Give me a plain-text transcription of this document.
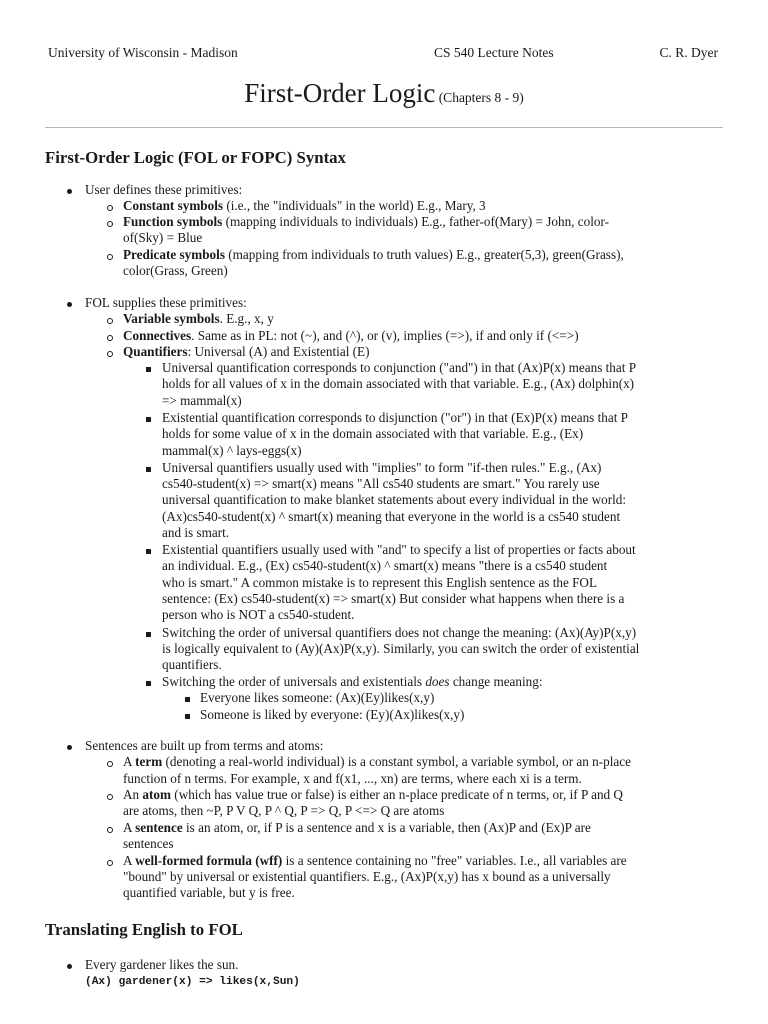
University of Wisconsin - Madison	CS 540 Lecture Notes	C. R. Dyer
First-Order Logic (Chapters 8 - 9)
First-Order Logic (FOL or FOPC) Syntax
Translating English to FOL
User defines these primitives:
Constant symbols (i.e., the "individuals" in the world) E.g., Mary, 3
Function symbols (mapping individuals to individuals) E.g., father-of(Mary) = John, color-
of(Sky) = Blue
Predicate symbols (mapping from individuals to truth values) E.g., greater(5,3), green(Grass),
color(Grass, Green)
FOL supplies these primitives:
Variable symbols. E.g., x, y
Connectives. Same as in PL: not (~), and (^), or (v), implies (=>), if and only if (<=>)
Quantifiers: Universal (A) and Existential (E)
Universal quantification corresponds to conjunction ("and") in that (Ax)P(x) means that P
holds for all values of x in the domain associated with that variable. E.g., (Ax) dolphin(x)
=> mammal(x)
Existential quantification corresponds to disjunction ("or") in that (Ex)P(x) means that P
holds for some value of x in the domain associated with that variable. E.g., (Ex)
mammal(x) ^ lays-eggs(x)
Universal quantifiers usually used with "implies" to form "if-then rules." E.g., (Ax)
cs540-student(x) => smart(x) means "All cs540 students are smart." You rarely use
universal quantification to make blanket statements about every individual in the world:
(Ax)cs540-student(x) ^ smart(x) meaning that everyone in the world is a cs540 student
and is smart.
Existential quantifiers usually used with "and" to specify a list of properties or facts about
an individual. E.g., (Ex) cs540-student(x) ^ smart(x) means "there is a cs540 student
who is smart." A common mistake is to represent this English sentence as the FOL
sentence: (Ex) cs540-student(x) => smart(x) But consider what happens when there is a
person who is NOT a cs540-student.
Switching the order of universal quantifiers does not change the meaning: (Ax)(Ay)P(x,y)
is logically equivalent to (Ay)(Ax)P(x,y). Similarly, you can switch the order of existential
quantifiers.
Switching the order of universals and existentials does change meaning:
Everyone likes someone: (Ax)(Ey)likes(x,y)
Someone is liked by everyone: (Ey)(Ax)likes(x,y)
Sentences are built up from terms and atoms:
A term (denoting a real-world individual) is a constant symbol, a variable symbol, or an n-place
function of n terms. For example, x and f(x1, ..., xn) are terms, where each xi is a term.
An atom (which has value true or false) is either an n-place predicate of n terms, or, if P and Q
are atoms, then ~P, P V Q, P ^ Q, P => Q, P <=> Q are atoms
A sentence is an atom, or, if P is a sentence and x is a variable, then (Ax)P and (Ex)P are
sentences
A well-formed formula (wff) is a sentence containing no "free" variables. I.e., all variables are
"bound" by universal or existential quantifiers. E.g., (Ax)P(x,y) has x bound as a universally
quantified variable, but y is free.
Every gardener likes the sun.
(Ax) gardener(x) => likes(x,Sun)
